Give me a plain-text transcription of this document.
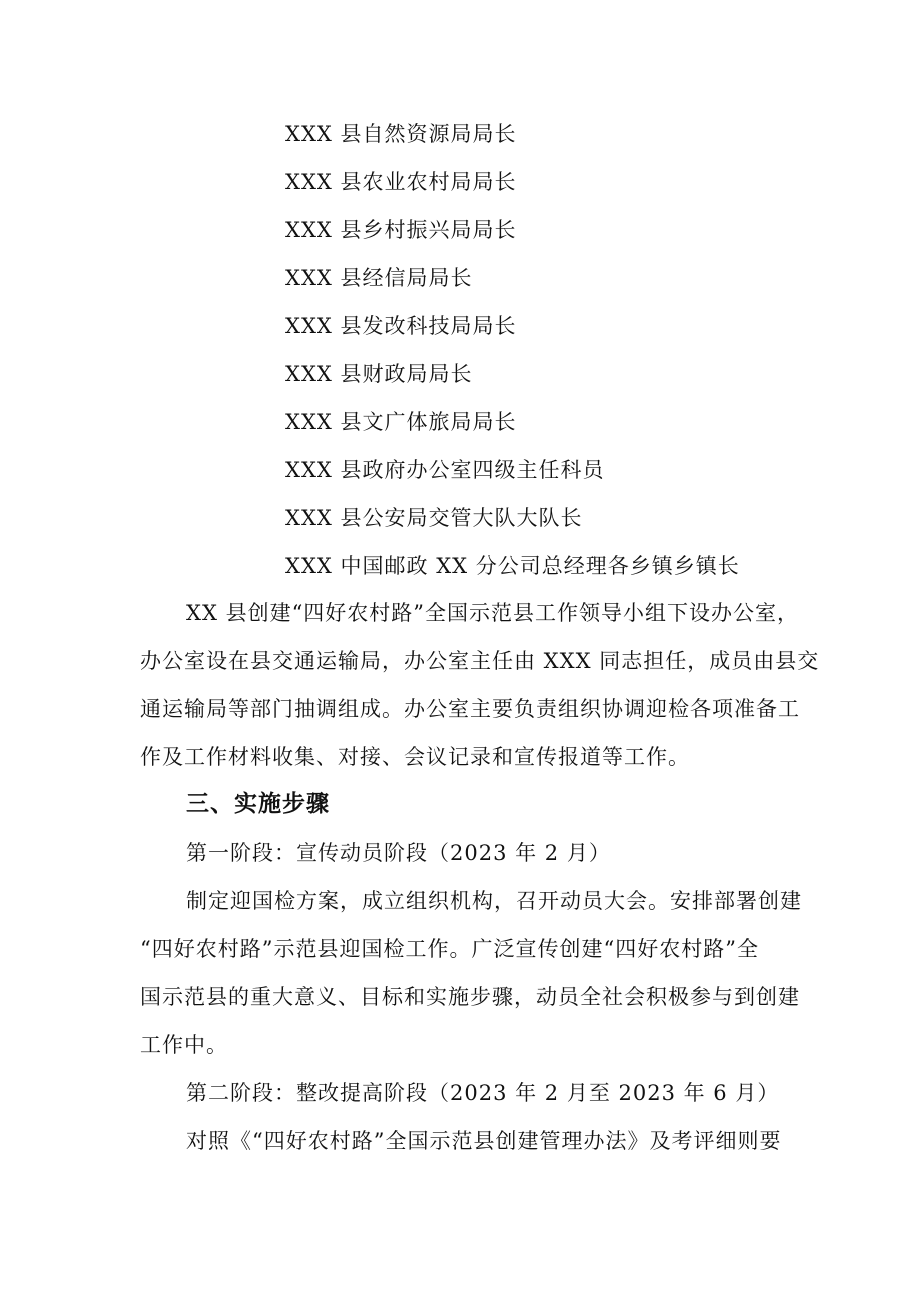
XXX 县自然资源局局长
XXX 县农业农村局局长
XXX 县乡村振兴局局长
XXX 县经信局局长
XXX 县发改科技局局长
XXX 县财政局局长
XXX 县文广体旅局局长
XXX 县政府办公室四级主任科员
XXX 县公安局交管大队大队长
XXX 中国邮政 XX 分公司总经理各乡镇乡镇长
XX 县创建“四好农村路”全国示范县工作领导小组下设办公室，
办公室设在县交通运输局，办公室主任由 XXX 同志担任，成员由县交
通运输局等部门抽调组成。办公室主要负责组织协调迎检各项准备工
作及工作材料收集、对接、会议记录和宣传报道等工作。
三、实施步骤
第一阶段：宣传动员阶段（2023 年 2 月）
制定迎国检方案，成立组织机构，召开动员大会。安排部署创建
“四好农村路”示范县迎国检工作。广泛宣传创建“四好农村路”全
国示范县的重大意义、目标和实施步骤，动员全社会积极参与到创建
工作中。
第二阶段：整改提高阶段（2023 年 2 月至 2023 年 6 月）
对照《“四好农村路”全国示范县创建管理办法》及考评细则要
